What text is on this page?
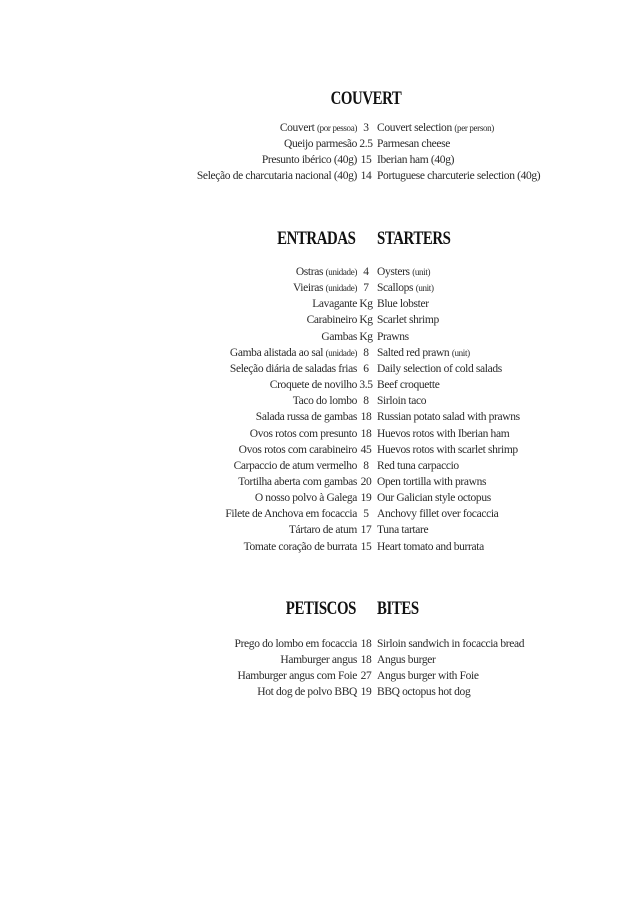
COUVERT
Couvert (por pessoa) 3 Couvert selection (per person)
Queijo parmesão 2.5 Parmesan cheese
Presunto ibérico (40g) 15 Iberian ham (40g)
Seleção de charcutaria nacional (40g) 14 Portuguese charcuterie selection (40g)
ENTRADAS STARTERS
Ostras (unidade) 4 Oysters (unit)
Vieiras (unidade) 7 Scallops (unit)
Lavagante Kg Blue lobster
Carabineiro Kg Scarlet shrimp
Gambas Kg Prawns
Gamba alistada ao sal (unidade) 8 Salted red prawn (unit)
Seleção diária de saladas frias 6 Daily selection of cold salads
Croquete de novilho 3.5 Beef croquette
Taco do lombo 8 Sirloin taco
Salada russa de gambas 18 Russian potato salad with prawns
Ovos rotos com presunto 18 Huevos rotos with Iberian ham
Ovos rotos com carabineiro 45 Huevos rotos with scarlet shrimp
Carpaccio de atum vermelho 8 Red tuna carpaccio
Tortilha aberta com gambas 20 Open tortilla with prawns
O nosso polvo à Galega 19 Our Galician style octopus
Filete de Anchova em focaccia 5 Anchovy fillet over focaccia
Tártaro de atum 17 Tuna tartare
Tomate coração de burrata 15 Heart tomato and burrata
PETISCOS BITES
Prego do lombo em focaccia 18 Sirloin sandwich in focaccia bread
Hamburger angus 18 Angus burger
Hamburger angus com Foie 27 Angus burger with Foie
Hot dog de polvo BBQ 19 BBQ octopus hot dog
